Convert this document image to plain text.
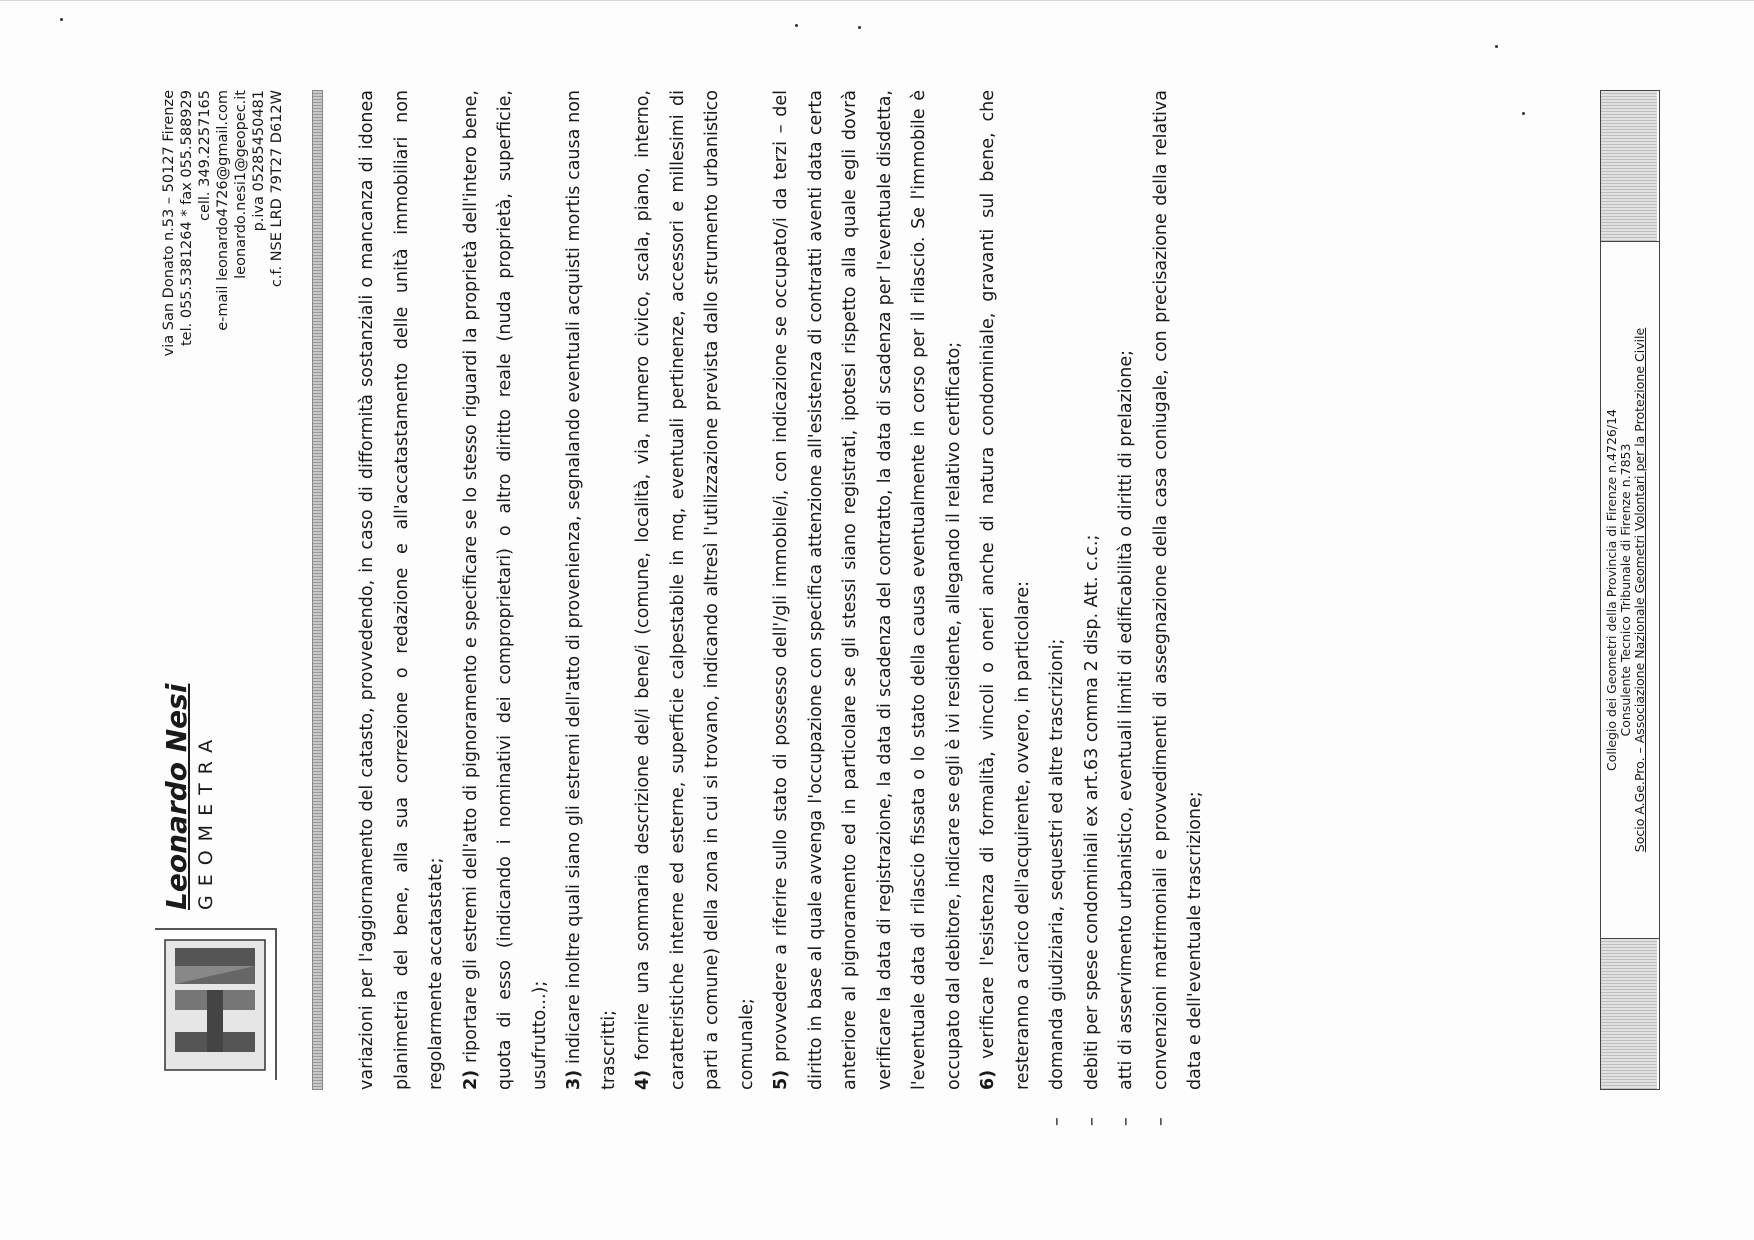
Leonardo Nesi GEOMETRA
via San Donato n.53 – 50127 Firenze tel. 055.5381264 * fax 055.588929 cell. 349.2257165 e-mail leonardo4726@gmail.com leonardo.nesi1@geopec.it p.iva 05285450481 c.f. NSE LRD 79T27 D612W	variazioni per l'aggiornamento del catasto, provvedendo, in caso di difformità sostanziali o mancanza di idonea planimetria del bene, alla sua correzione o redazione e all'accatastamento delle unità immobiliari non regolarmente accatastate; 2) riportare gli estremi dell'atto di pignoramento e specificare se lo stesso riguardi la proprietà dell'intero bene, quota di esso (indicando i nominativi dei comproprietari) o altro diritto reale (nuda proprietà, superficie, usufrutto...); 3) indicare inoltre quali siano gli estremi dell'atto di provenienza, segnalando eventuali acquisti mortis causa non trascritti; 4) fornire una sommaria descrizione del/i bene/i (comune, località, via, numero civico, scala, piano, interno, caratteristiche interne ed esterne, superficie calpestabile in mq, eventuali pertinenze, accessori e millesimi di parti a comune) della zona in cui si trovano, indicando altresì l'utilizzazione prevista dallo strumento urbanistico comunale; 5) provvedere a riferire sullo stato di possesso dell'/gli immobile/i, con indicazione se occupato/i da terzi – del diritto in base al quale avvenga l'occupazione con specifica attenzione all'esistenza di contratti aventi data certa anteriore al pignoramento ed in particolare se gli stessi siano registrati, ipotesi rispetto alla quale egli dovrà verificare la data di registrazione, la data di scadenza del contratto, la data di scadenza per l'eventuale disdetta, l'eventuale data di rilascio fissata o lo stato della causa eventualmente in corso per il rilascio. Se l'immobile è occupato dal debitore, indicare se egli è ivi residente, allegando il relativo certificato; 6) verificare l'esistenza di formalità, vincoli o oneri anche di natura condominiale, gravanti sul bene, che resteranno a carico dell'acquirente, ovvero, in particolare:

–domanda giudiziaria, sequestri ed altre trascrizioni;

–debiti per spese condominiali ex art.63 comma 2 disp. Att. c.c.;

–atti di asservimento urbanistico, eventuali limiti di edificabilità o diritti di prelazione;

–convenzioni matrimoniali e provvedimenti di assegnazione della casa coniugale, con precisazione della relativa data e dell'eventuale trascrizione;

Collegio dei Geometri della Provincia di Firenze n.4726/14 Consulente Tecnico Tribunale di Firenze n.7853 Socio A.Ge.Pro. – Associazione Nazionale Geometri Volontari per la Protezione Civile
